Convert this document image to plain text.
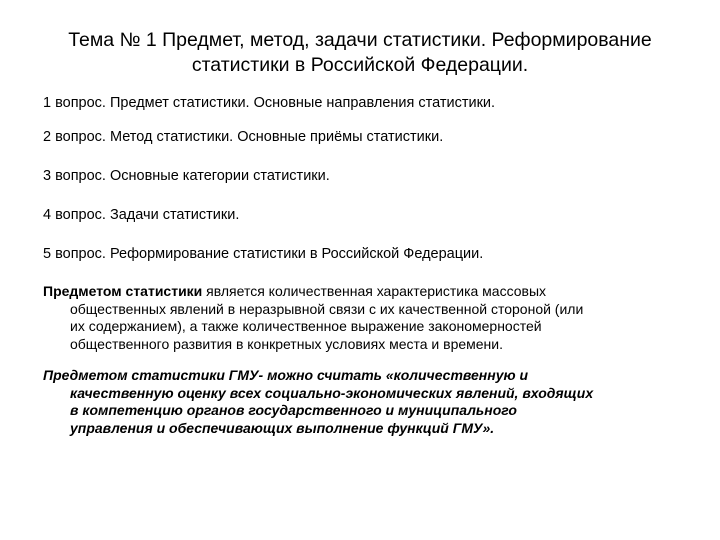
Тема № 1 Предмет, метод, задачи статистики. Реформирование
статистики в Российской Федерации.
1 вопрос. Предмет статистики. Основные направления статистики.
2 вопрос. Метод статистики. Основные приёмы статистики.
3 вопрос. Основные категории статистики.
4 вопрос. Задачи статистики.
5 вопрос. Реформирование статистики в Российской Федерации.
Предметом статистики является количественная характеристика массовых
общественных явлений в неразрывной связи с их качественной стороной (или
их содержанием), а также количественное выражение закономерностей
общественного развития в конкретных условиях места и времени.
Предметом статистики ГМУ- можно считать «количественную и
качественную оценку всех социально-экономических явлений, входящих
в компетенцию органов государственного и муниципального
управления и обеспечивающих выполнение функций ГМУ».
